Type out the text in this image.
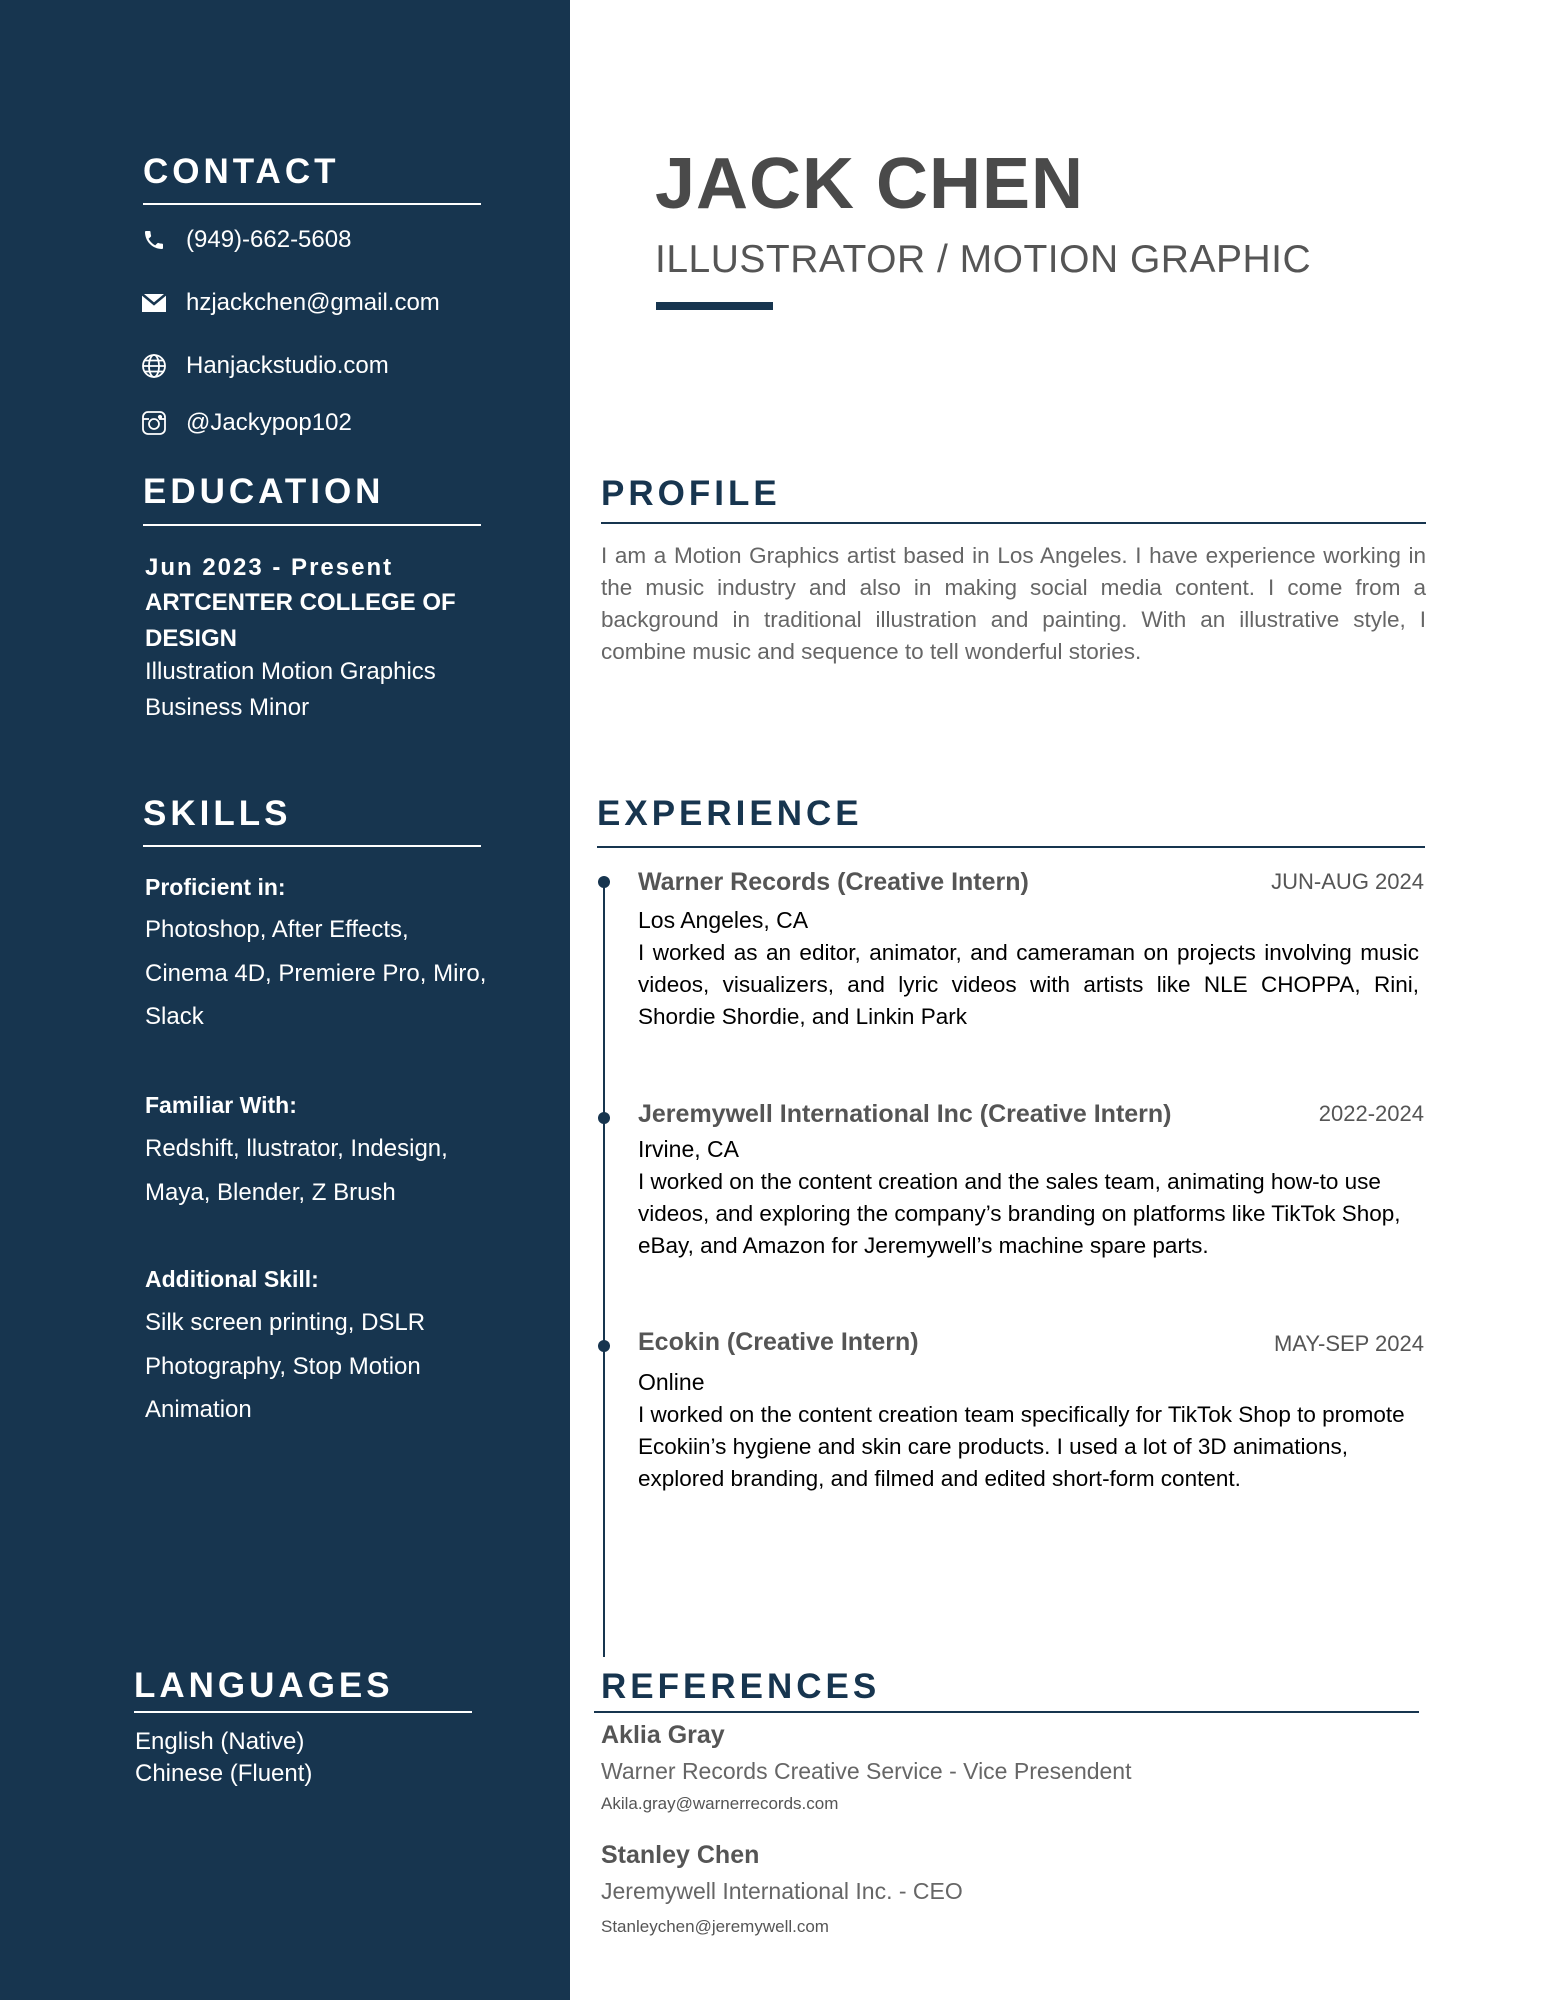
CONTACT
(949)-662-5608
hzjackchen@gmail.com
Hanjackstudio.com
@Jackypop102
EDUCATION

Jun 2023 - Present

ARTCENTER COLLEGE OF

DESIGN

Illustration Motion Graphics

Business Minor

SKILLS

Proficient in:

Photoshop, After Effects, Cinema 4D, Premiere Pro, Miro, Slack

Familiar With:

Redshift, llustrator, Indesign, Maya, Blender, Z Brush

Additional Skill:

Silk screen printing, DSLR Photography, Stop Motion Animation

LANGUAGES

English (Native)

Chinese (Fluent)

JACK CHEN

ILLUSTRATOR / MOTION GRAPHIC

PROFILE

I am a Motion Graphics artist based in Los Angeles. I have experience working in the music industry and also in making social media content. I come from a background in traditional illustration and painting. With an illustrative style, I combine music and sequence to tell wonderful stories.

EXPERIENCE

Warner Records (Creative Intern)	JUN-AUG 2024

Los Angeles, CA

I worked as an editor, animator, and cameraman on projects involving music videos, visualizers, and lyric videos with artists like NLE CHOPPA, Rini, Shordie Shordie, and Linkin Park

Jeremywell International Inc (Creative Intern)	2022-2024

Irvine, CA

I worked on the content creation and the sales team, animating how-to use videos, and exploring the company’s branding on platforms like TikTok Shop, eBay, and Amazon for Jeremywell’s machine spare parts.

Ecokin (Creative Intern)	MAY-SEP 2024

Online

I worked on the content creation team specifically for TikTok Shop to promote Ecokiin’s hygiene and skin care products. I used a lot of 3D animations, explored branding, and filmed and edited short-form content.

REFERENCES

Aklia Gray

Warner Records Creative Service - Vice Presendent

Akila.gray@warnerrecords.com

Stanley Chen

Jeremywell International Inc. - CEO

Stanleychen@jeremywell.com
